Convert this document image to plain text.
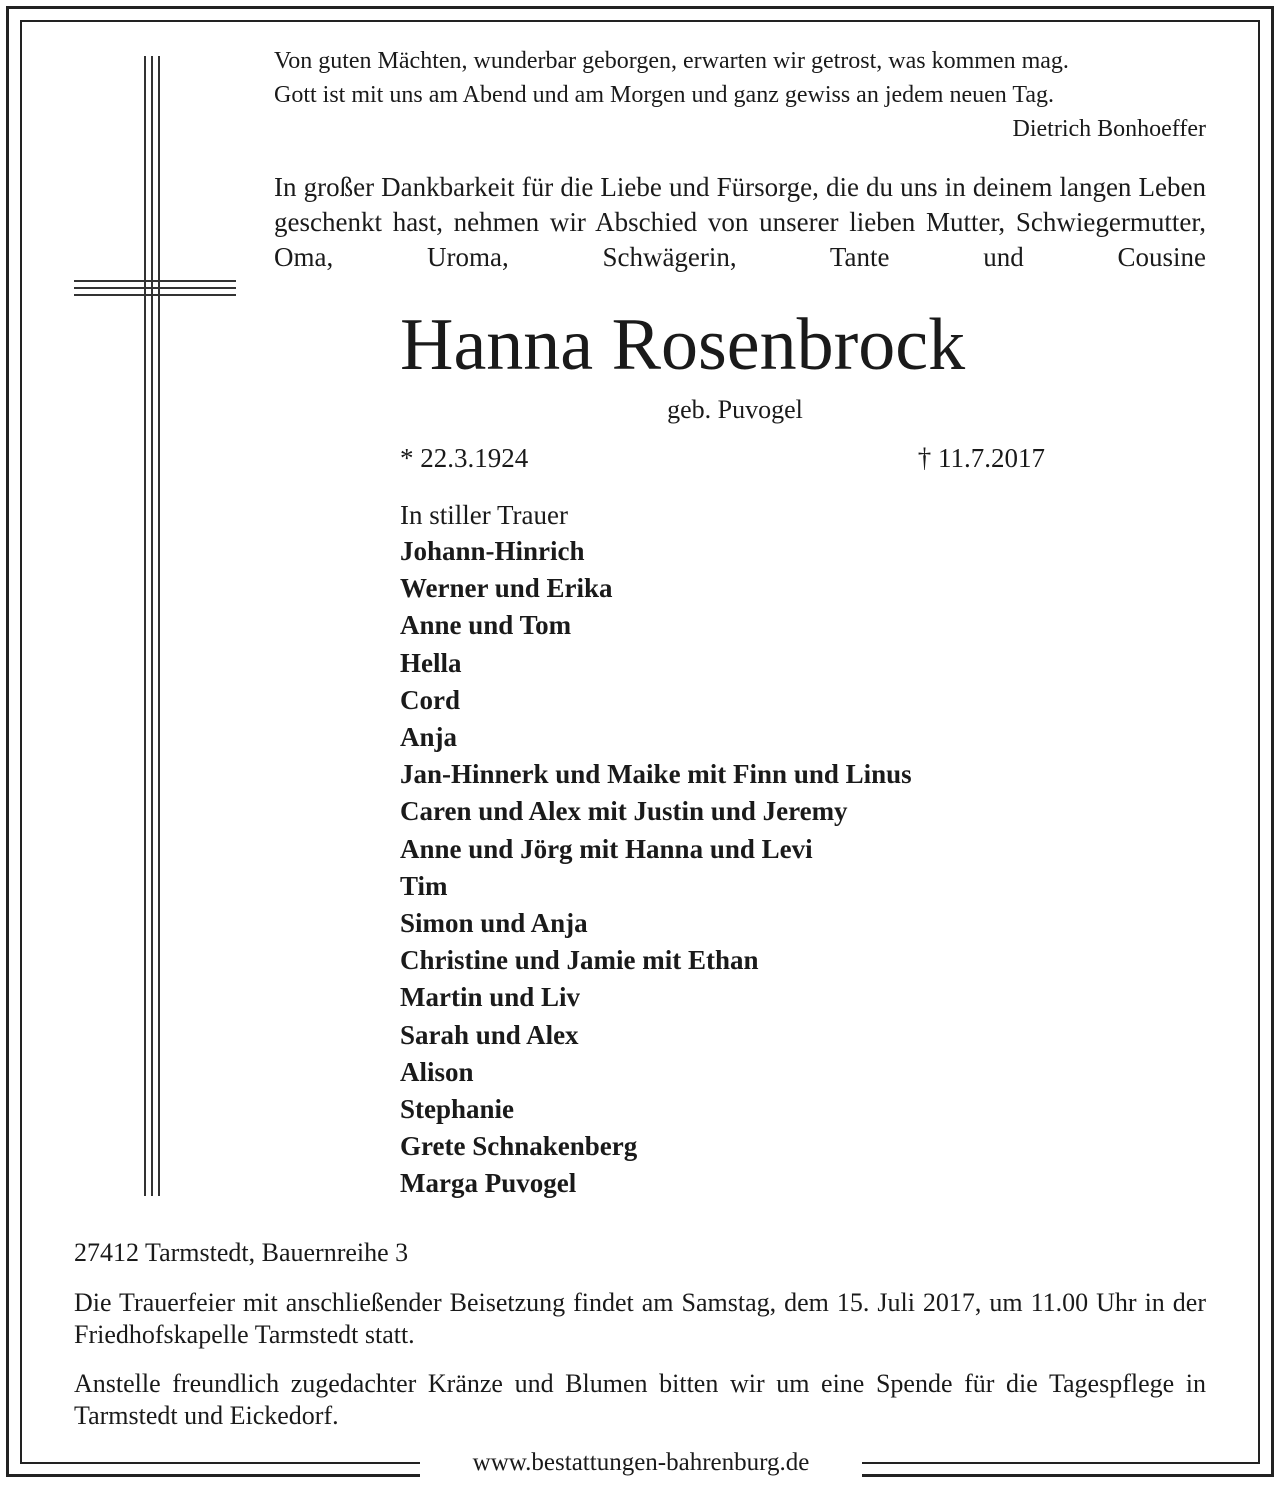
Von guten Mächten, wunderbar geborgen, erwarten wir getrost, was kommen mag.
Gott ist mit uns am Abend und am Morgen und ganz gewiss an jedem neuen Tag.
Dietrich Bonhoeffer
In großer Dankbarkeit für die Liebe und Fürsorge, die du uns in deinem langen Leben geschenkt hast, nehmen wir Abschied von unserer lieben Mutter, Schwiegermutter, Oma, Uroma, Schwägerin, Tante und Cousine
Hanna Rosenbrock
geb. Puvogel
* 22.3.1924	† 11.7.2017
In stiller Trauer
Johann-Hinrich
Werner und Erika
Anne und Tom
Hella
Cord
Anja
Jan-Hinnerk und Maike mit Finn und Linus
Caren und Alex mit Justin und Jeremy
Anne und Jörg mit Hanna und Levi
Tim
Simon und Anja
Christine und Jamie mit Ethan
Martin und Liv
Sarah und Alex
Alison
Stephanie
Grete Schnakenberg
Marga Puvogel
27412 Tarmstedt, Bauernreihe 3
Die Trauerfeier mit anschließender Beisetzung findet am Samstag, dem 15. Juli 2017, um 11.00 Uhr in der Friedhofskapelle Tarmstedt statt.
Anstelle freundlich zugedachter Kränze und Blumen bitten wir um eine Spende für die Tagespflege in Tarmstedt und Eickedorf.
www.bestattungen-bahrenburg.de
